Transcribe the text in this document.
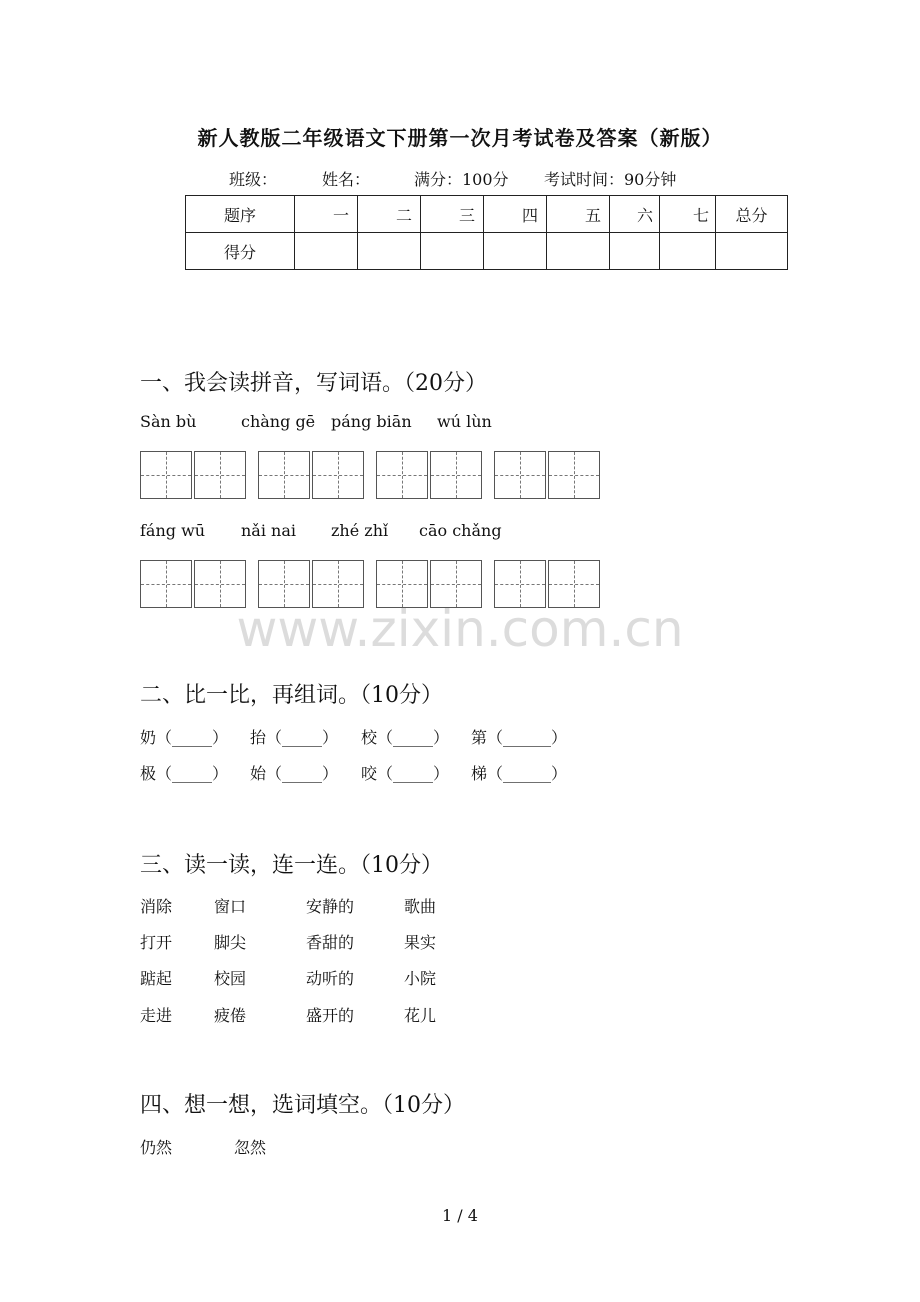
新人教版二年级语文下册第一次月考试卷及答案（新版）
班级：	姓名：	满分：100分 考试时间：90分钟
题序	一	二	三	四	五	六	七	总分
得分								
一、我会读拼音，写词语。（20分）
Sàn bù	chàng gē páng biān wú lùn
fáng wū nǎi nai zhé zhǐ cāo chǎng
www.zixin.com.cn
二、比一比，再组词。（10分）
奶（_____） 抬（_____） 校（_____） 第（______）
极（_____） 始（_____） 咬（_____） 梯（______）
三、读一读，连一连。（10分）
消除	窗口	安静的	歌曲
打开	脚尖	香甜的	果实
踮起	校园	动听的	小院
走进	疲倦	盛开的	花儿
四、想一想，选词填空。（10分）
仍然	忽然
1 / 4
